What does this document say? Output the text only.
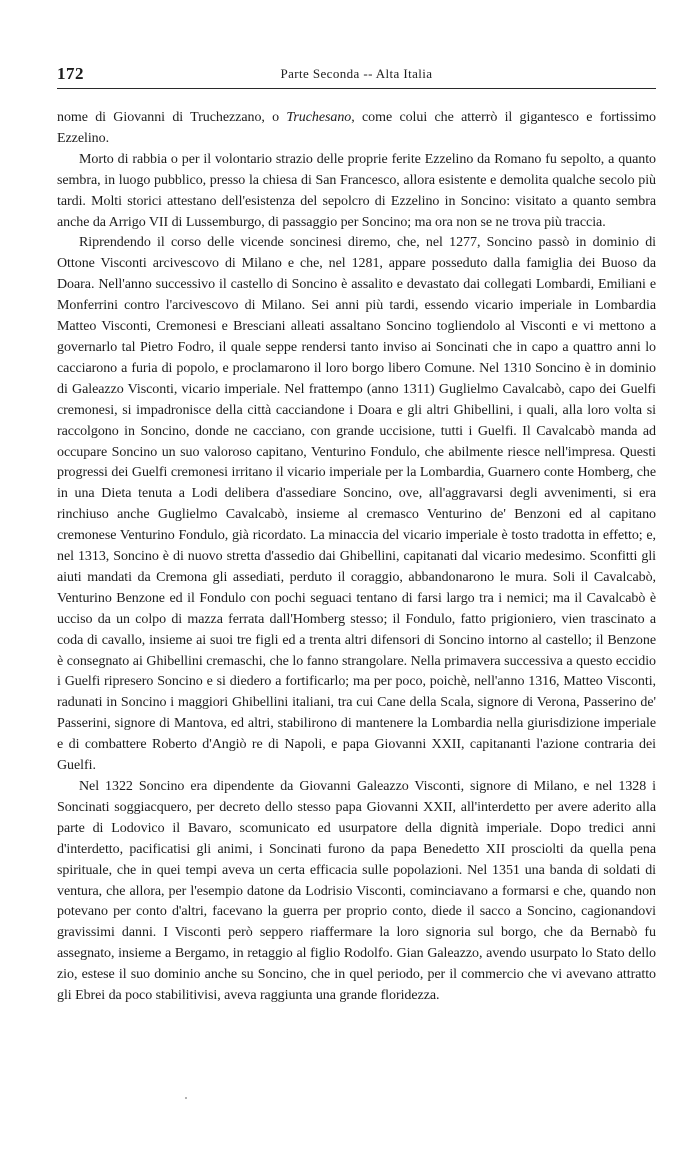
172	Parte Seconda -- Alta Italia

nome di Giovanni di Truchezzano, o Truchesano, come colui che atterrò il gigantesco e fortissimo Ezzelino.

Morto di rabbia o per il volontario strazio delle proprie ferite Ezzelino da Romano fu sepolto, a quanto sembra, in luogo pubblico, presso la chiesa di San Francesco, allora esistente e demolita qualche secolo più tardi. Molti storici attestano dell'esistenza del sepolcro di Ezzelino in Soncino: visitato a quanto sembra anche da Arrigo VII di Lussemburgo, di passaggio per Soncino; ma ora non se ne trova più traccia.

Riprendendo il corso delle vicende soncinesi diremo, che, nel 1277, Soncino passò in dominio di Ottone Visconti arcivescovo di Milano e che, nel 1281, appare posseduto dalla famiglia dei Buoso da Doara. Nell'anno successivo il castello di Soncino è assalito e devastato dai collegati Lombardi, Emiliani e Monferrini contro l'arcivescovo di Milano. Sei anni più tardi, essendo vicario imperiale in Lombardia Matteo Visconti, Cremonesi e Bresciani alleati assaltano Soncino togliendolo al Visconti e vi mettono a governarlo tal Pietro Fodro, il quale seppe rendersi tanto inviso ai Soncinati che in capo a quattro anni lo cacciarono a furia di popolo, e proclamarono il loro borgo libero Comune. Nel 1310 Soncino è in dominio di Galeazzo Visconti, vicario imperiale. Nel frattempo (anno 1311) Guglielmo Cavalcabò, capo dei Guelfi cremonesi, si impadronisce della città cacciandone i Doara e gli altri Ghibellini, i quali, alla loro volta si raccolgono in Soncino, donde ne cacciano, con grande uccisione, tutti i Guelfi. Il Cavalcabò manda ad occupare Soncino un suo valoroso capitano, Venturino Fondulo, che abilmente riesce nell'impresa. Questi progressi dei Guelfi cremonesi irritano il vicario imperiale per la Lombardia, Guarnero conte Homberg, che in una Dieta tenuta a Lodi delibera d'assediare Soncino, ove, all'aggravarsi degli avvenimenti, si era rinchiuso anche Guglielmo Cavalcabò, insieme al cremasco Venturino de' Benzoni ed al capitano cremonese Venturino Fondulo, già ricordato. La minaccia del vicario imperiale è tosto tradotta in effetto; e, nel 1313, Soncino è di nuovo stretta d'assedio dai Ghibellini, capitanati dal vicario medesimo. Sconfitti gli aiuti mandati da Cremona gli assediati, perduto il coraggio, abbandonarono le mura. Soli il Cavalcabò, Venturino Benzone ed il Fondulo con pochi seguaci tentano di farsi largo tra i nemici; ma il Cavalcabò è ucciso da un colpo di mazza ferrata dall'Homberg stesso; il Fondulo, fatto prigioniero, vien trascinato a coda di cavallo, insieme ai suoi tre figli ed a trenta altri difensori di Soncino intorno al castello; il Benzone è consegnato ai Ghibellini cremaschi, che lo fanno strangolare. Nella primavera successiva a questo eccidio i Guelfi ripresero Soncino e si diedero a fortificarlo; ma per poco, poichè, nell'anno 1316, Matteo Visconti, radunati in Soncino i maggiori Ghibellini italiani, tra cui Cane della Scala, signore di Verona, Passerino de' Passerini, signore di Mantova, ed altri, stabilirono di mantenere la Lombardia nella giurisdizione imperiale e di combattere Roberto d'Angiò re di Napoli, e papa Giovanni XXII, capitananti l'azione contraria dei Guelfi.

Nel 1322 Soncino era dipendente da Giovanni Galeazzo Visconti, signore di Milano, e nel 1328 i Soncinati soggiacquero, per decreto dello stesso papa Giovanni XXII, all'interdetto per avere aderito alla parte di Lodovico il Bavaro, scomunicato ed usurpatore della dignità imperiale. Dopo tredici anni d'interdetto, pacificatisi gli animi, i Soncinati furono da papa Benedetto XII prosciolti da quella pena spirituale, che in quei tempi aveva un certa efficacia sulle popolazioni. Nel 1351 una banda di soldati di ventura, che allora, per l'esempio datone da Lodrisio Visconti, cominciavano a formarsi e che, quando non potevano per conto d'altri, facevano la guerra per proprio conto, diede il sacco a Soncino, cagionandovi gravissimi danni. I Visconti però seppero riaffermare la loro signoria sul borgo, che da Bernabò fu assegnato, insieme a Bergamo, in retaggio al figlio Rodolfo. Gian Galeazzo, avendo usurpato lo Stato dello zio, estese il suo dominio anche su Soncino, che in quel periodo, per il commercio che vi avevano attratto gli Ebrei da poco stabilitivisi, aveva raggiunta una grande floridezza.
